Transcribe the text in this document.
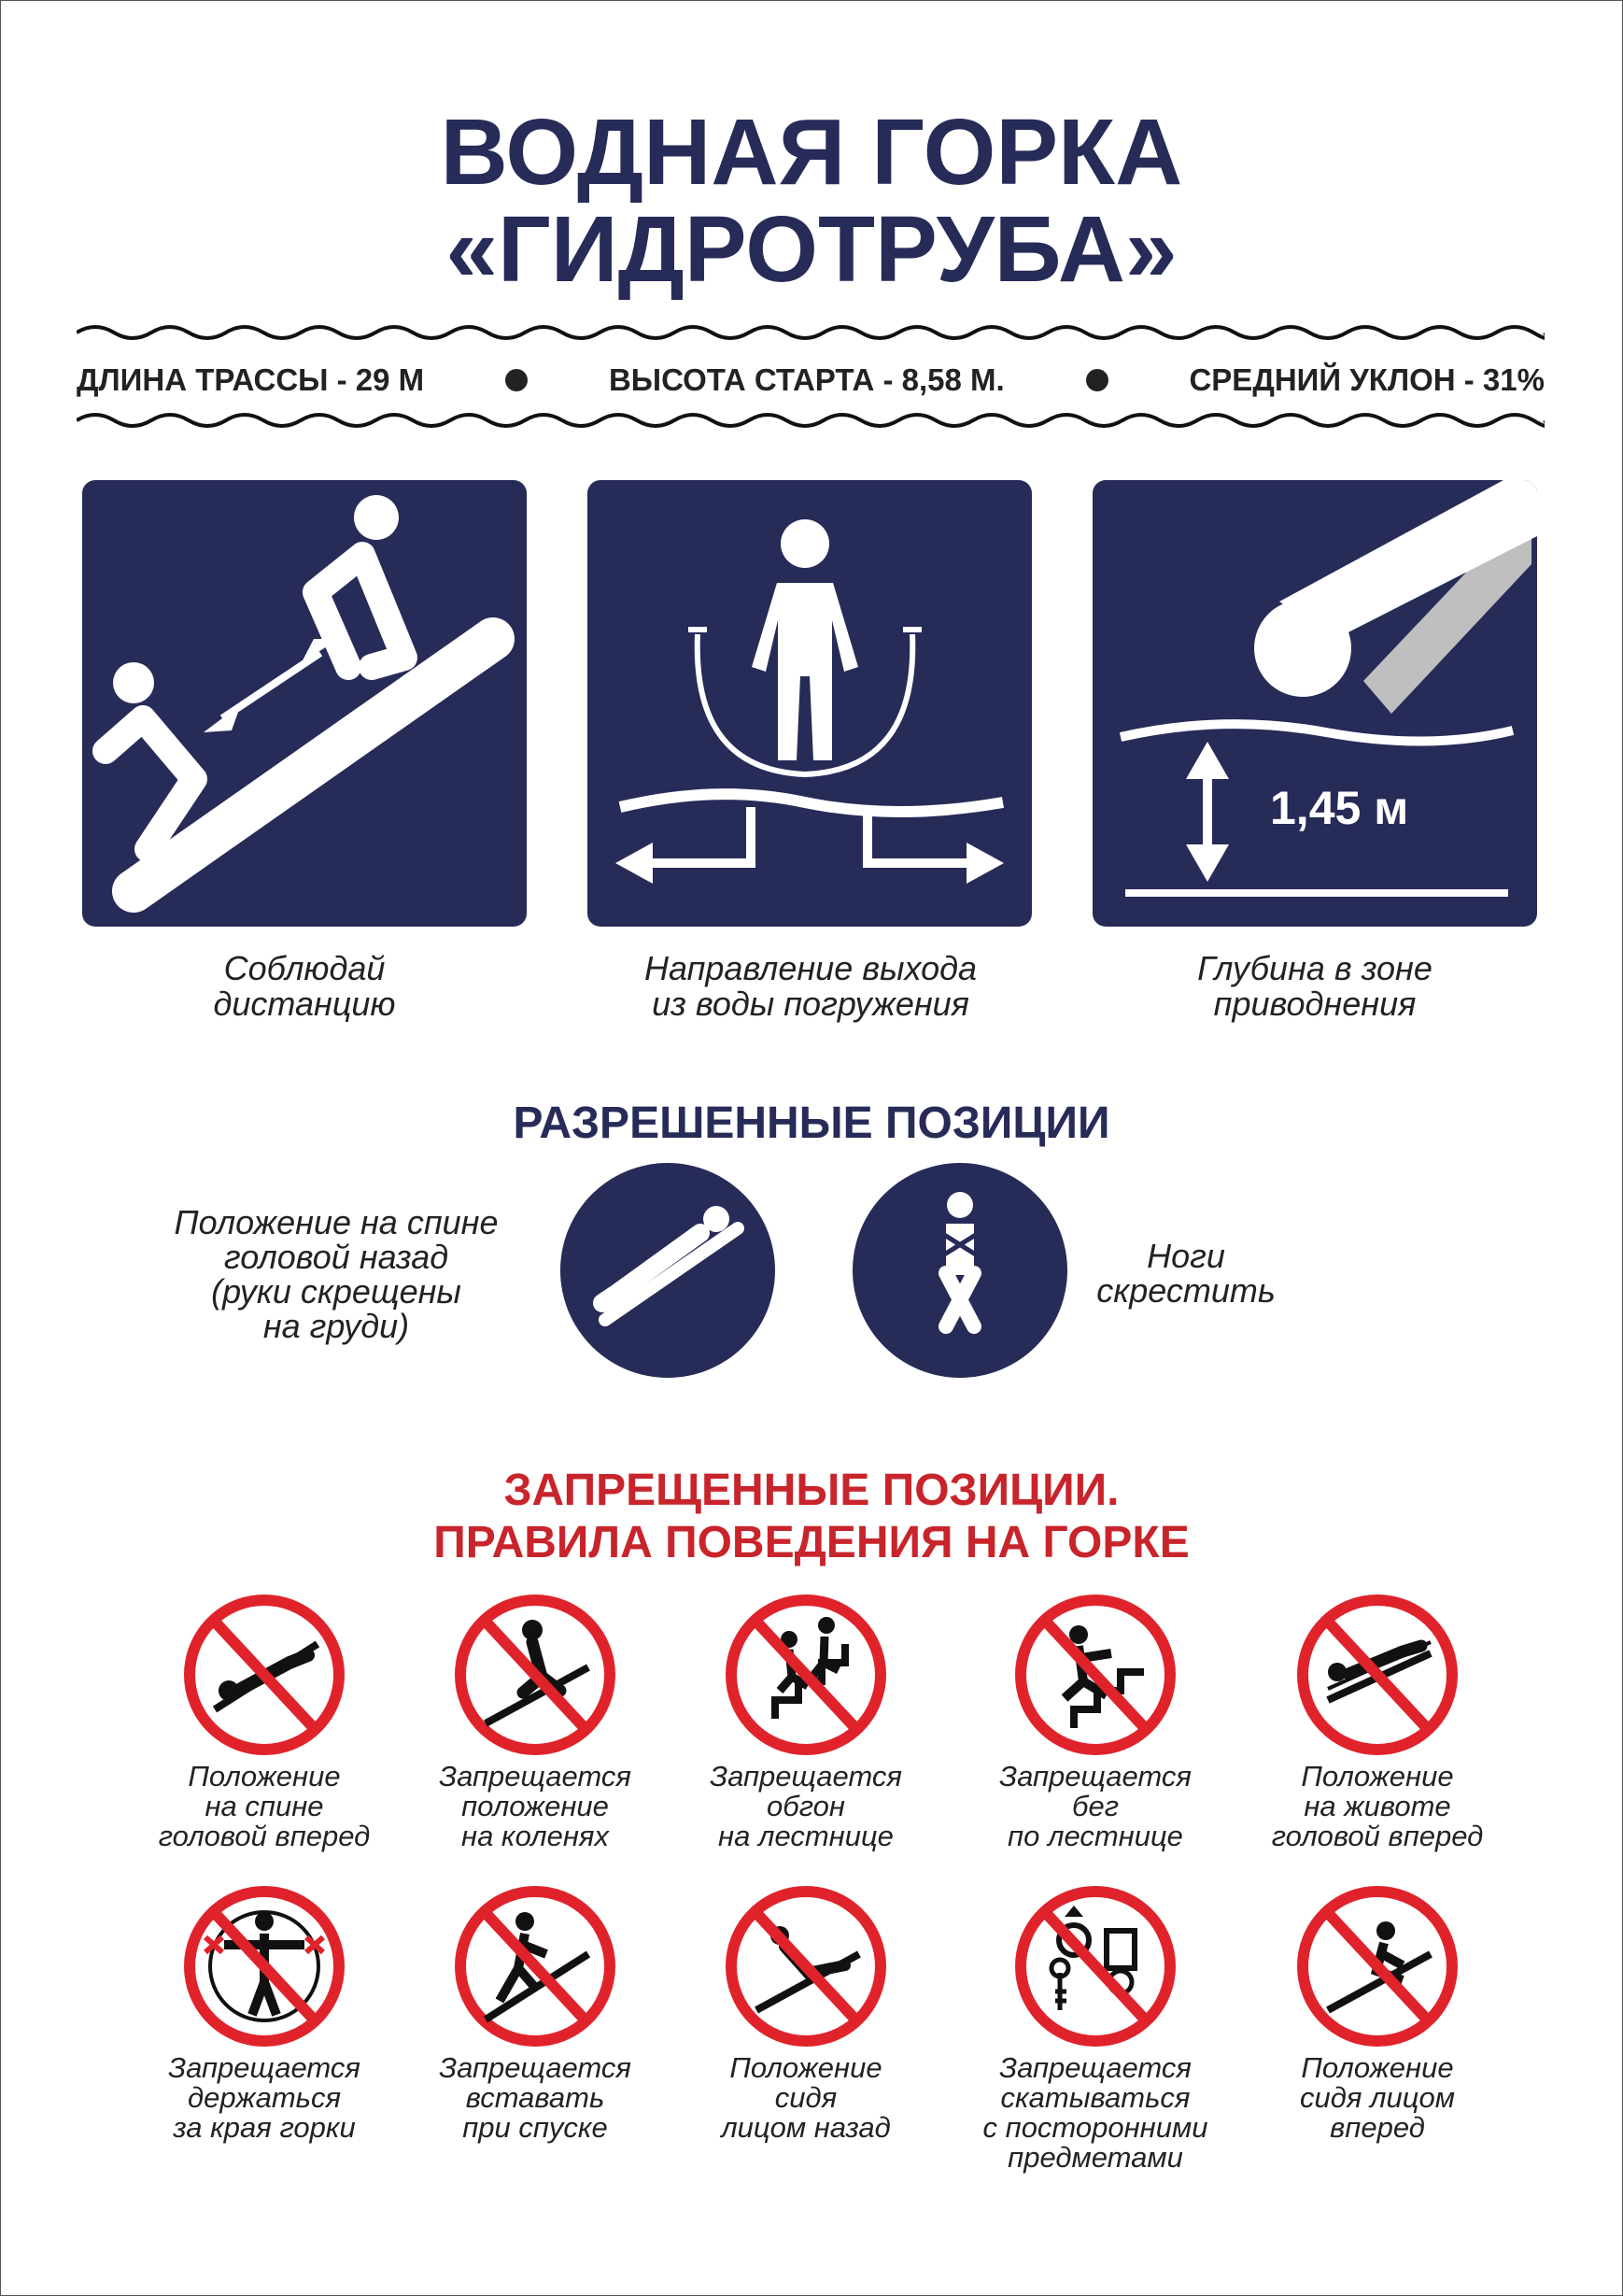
ВОДНАЯ ГОРКА
«ГИДРОТРУБА»
ДЛИНА ТРАССЫ - 29 М	ВЫСОТА СТАРТА - 8,58 М.	СРЕДНИЙ УКЛОН - 31%
1,45 м
Соблюдай
дистанцию
Направление выхода
из воды погружения
Глубина в зоне
приводнения
РАЗРЕШЕННЫЕ ПОЗИЦИИ
Положение на спине
головой назад
(руки скрещены
на груди)
Ноги
скрестить
ЗАПРЕЩЕННЫЕ ПОЗИЦИИ.
ПРАВИЛА ПОВЕДЕНИЯ НА ГОРКЕ
Положение
на спине
головой вперед
Запрещается
положение
на коленях
Запрещается
обгон
на лестнице
Запрещается
бег
по лестнице
Положение
на животе
головой вперед
Запрещается
держаться
за края горки
Запрещается
вставать
при спуске
Положение
сидя
лицом назад
Запрещается
скатываться
с посторонними
предметами
Положение
сидя лицом
вперед
